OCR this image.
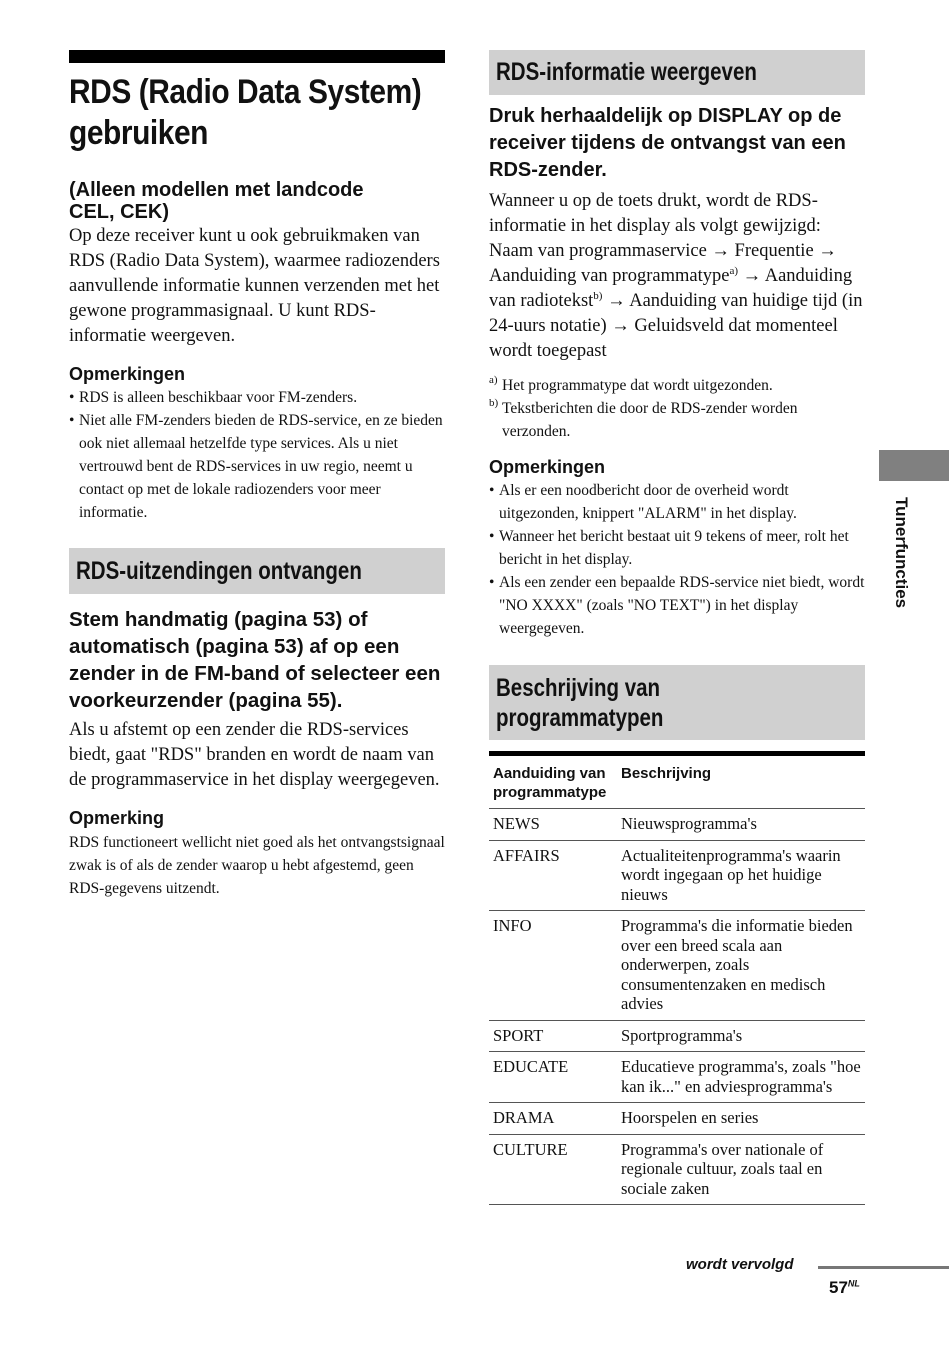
RDS (Radio Data System)
gebruiken
(Alleen modellen met landcode
CEL, CEK)
Op deze receiver kunt u ook gebruikmaken van RDS (Radio Data System), waarmee radiozenders aanvullende informatie kunnen verzenden met het gewone programmasignaal. U kunt RDS-informatie weergeven.
Opmerkingen
• RDS is alleen beschikbaar voor FM-zenders.
• Niet alle FM-zenders bieden de RDS-service, en ze bieden ook niet allemaal hetzelfde type services. Als u niet vertrouwd bent de RDS-services in uw regio, neemt u contact op met de lokale radiozenders voor meer informatie.
RDS-uitzendingen ontvangen
Stem handmatig (pagina 53) of automatisch (pagina 53) af op een zender in de FM-band of selecteer een voorkeurzender (pagina 55).
Als u afstemt op een zender die RDS-services biedt, gaat "RDS" branden en wordt de naam van de programmaservice in het display weergegeven.
Opmerking
RDS functioneert wellicht niet goed als het ontvangstsignaal zwak is of als de zender waarop u hebt afgestemd, geen RDS-gegevens uitzendt.
RDS-informatie weergeven
Druk herhaaldelijk op DISPLAY op de receiver tijdens de ontvangst van een RDS-zender.
Wanneer u op de toets drukt, wordt de RDS-informatie in het display als volgt gewijzigd: Naam van programmaservice → Frequentie → Aanduiding van programmatype$^{a)}$ → Aanduiding van radiotekst$^{b)}$ → Aanduiding van huidige tijd (in 24-uurs notatie) → Geluidsveld dat momenteel wordt toegepast
a) Het programmatype dat wordt uitgezonden.
b) Tekstberichten die door de RDS-zender worden verzonden.
Opmerkingen
• Als er een noodbericht door de overheid wordt uitgezonden, knippert "ALARM" in het display.
• Wanneer het bericht bestaat uit 9 tekens of meer, rolt het bericht in het display.
• Als een zender een bepaalde RDS-service niet biedt, wordt "NO XXXX" (zoals "NO TEXT") in het display weergegeven.
Beschrijving van
programmatypen
Aanduiding van programmatype	Beschrijving
NEWS	Nieuwsprogramma's
AFFAIRS	Actualiteitenprogramma's waarin wordt ingegaan op het huidige nieuws
INFO	Programma's die informatie bieden over een breed scala aan onderwerpen, zoals consumentenzaken en medisch advies
SPORT	Sportprogramma's
EDUCATE	Educatieve programma's, zoals "hoe kan ik..." en adviesprogramma's
DRAMA	Hoorspelen en series
CULTURE	Programma's over nationale of regionale cultuur, zoals taal en sociale zaken
Tunerfuncties
wordt vervolgd
$57^{NL}$
